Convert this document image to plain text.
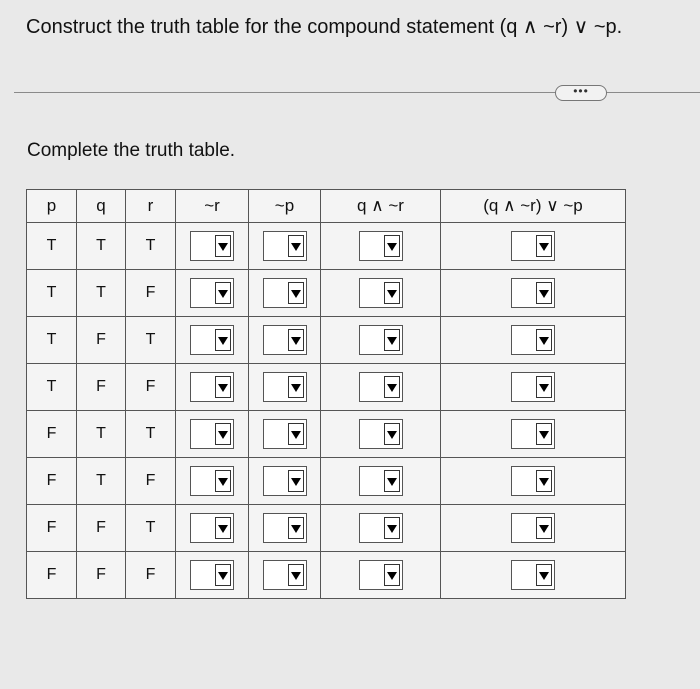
Construct the truth table for the compound statement (q ∧ ~r) ∨ ~p.
•••
Complete the truth table.
p	q	r	~r	~p	q ∧ ~r	(q ∧ ~r) ∨ ~p
T	T	T	

T	T	F	

T	F	T	

T	F	F	

F	T	T	

F	T	F	

F	F	T	

F	F	F	
